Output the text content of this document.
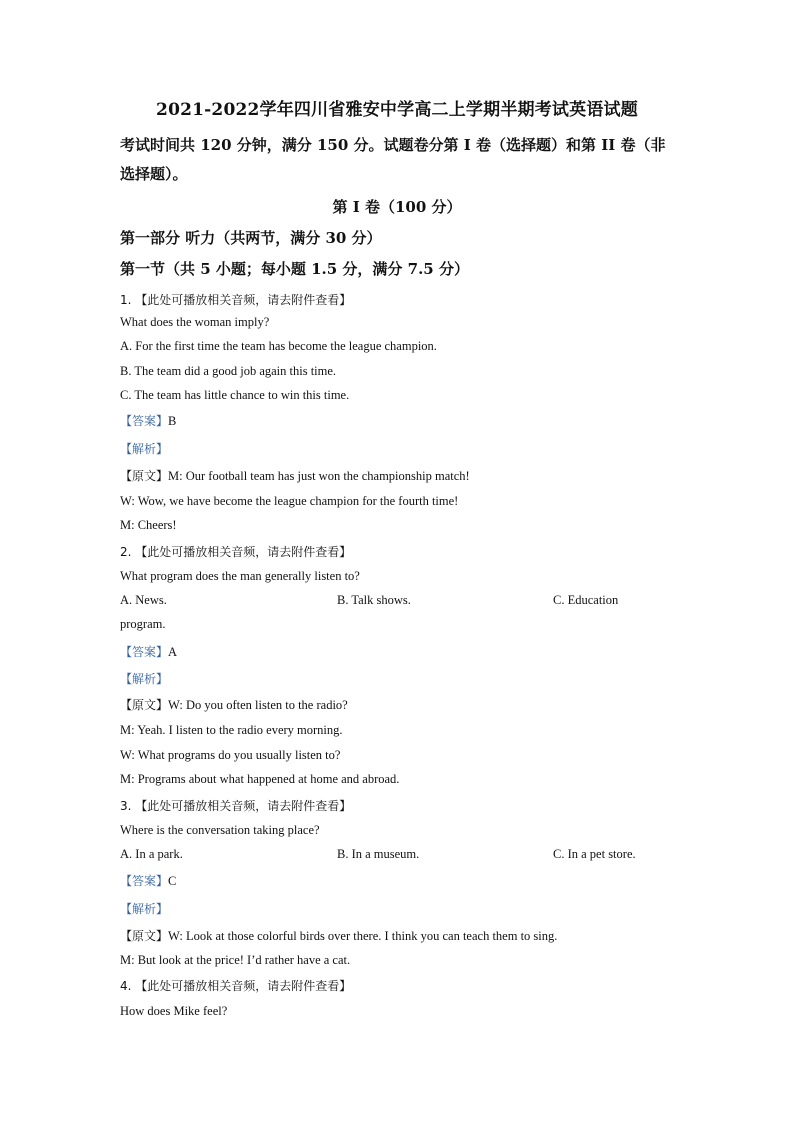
2021-2022学年四川省雅安中学高二上学期半期考试英语试题
考试时间共 120 分钟，满分 150 分。试题卷分第 I 卷（选择题）和第 II 卷（非选择题）。
第 I 卷（100 分）
第一部分 听力（共两节，满分 30 分）
第一节（共 5 小题；每小题 1.5 分，满分 7.5 分）
1. 【此处可播放相关音频，请去附件查看】
What does the woman imply?
A. For the first time the team has become the league champion.
B. The team did a good job again this time.
C. The team has little chance to win this time.
【答案】B
【解析】
【原文】M: Our football team has just won the championship match!
W: Wow, we have become the league champion for the fourth time!
M: Cheers!
2. 【此处可播放相关音频，请去附件查看】
What program does the man generally listen to?
A. News.	B. Talk shows.	C. Education
program.
【答案】A
【解析】
【原文】W: Do you often listen to the radio?
M: Yeah. I listen to the radio every morning.
W: What programs do you usually listen to?
M: Programs about what happened at home and abroad.
3. 【此处可播放相关音频，请去附件查看】
Where is the conversation taking place?
A. In a park.	B. In a museum.	C. In a pet store.
【答案】C
【解析】
【原文】W: Look at those colorful birds over there. I think you can teach them to sing.
M: But look at the price! I’d rather have a cat.
4. 【此处可播放相关音频，请去附件查看】
How does Mike feel?
